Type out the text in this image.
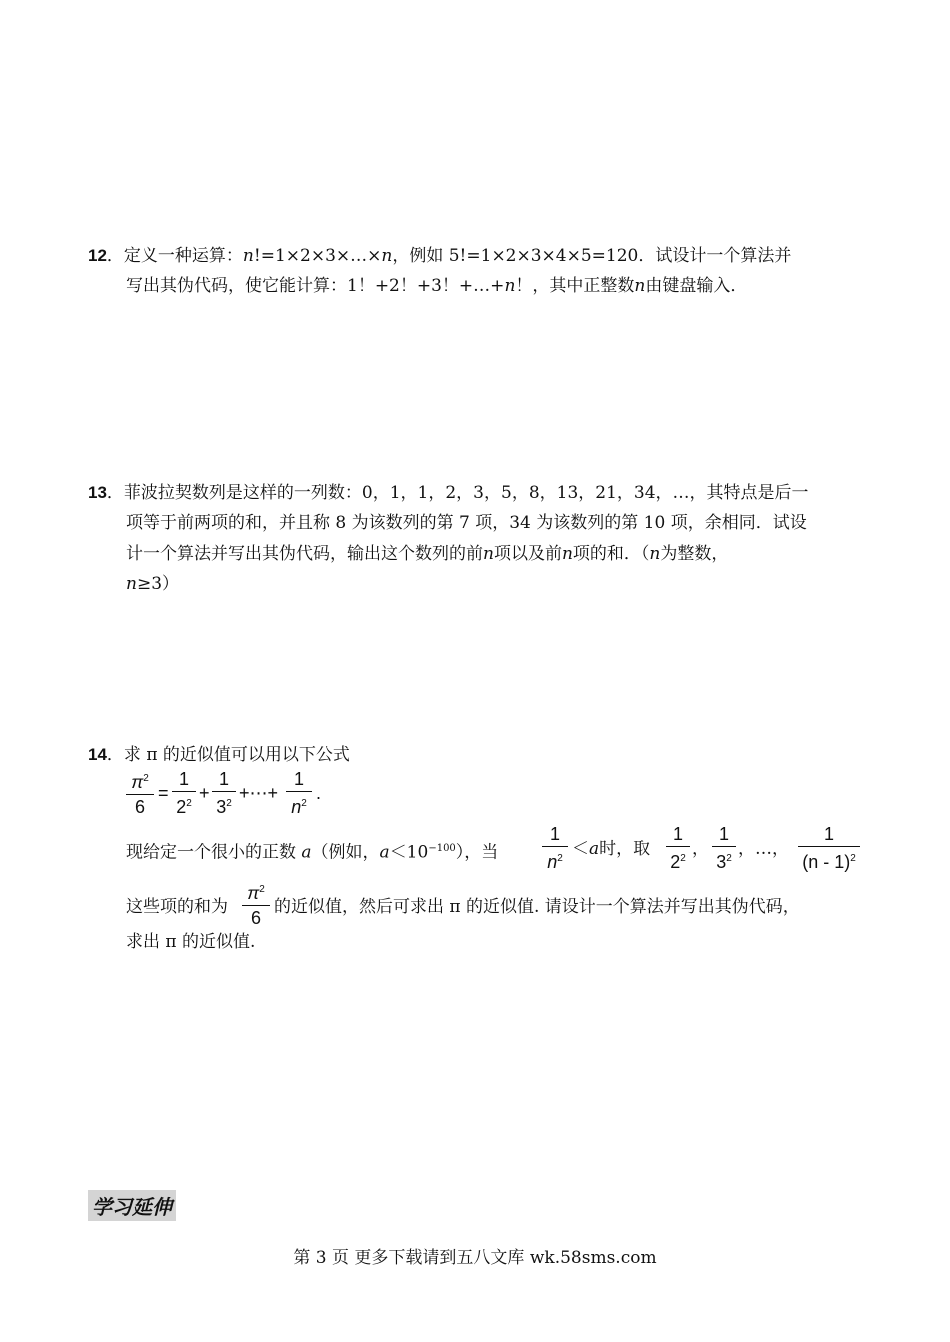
12．定义一种运算：n!=1×2×3×…×n，例如 5!=1×2×3×4×5=120．试设计一个算法并
写出其伪代码，使它能计算：1！+2！+3！+…+n！，其中正整数n由键盘输入．
13．菲波拉契数列是这样的一列数：0，1，1，2，3，5，8，13，21，34，…，其特点是后一
项等于前两项的和，并且称 8 为该数列的第 7 项，34 为该数列的第 10 项，余相同．试设
计一个算法并写出其伪代码，输出这个数列的前n项以及前n项的和．（n为整数，
n≥3）
14．求 π 的近似值可以用以下公式
$\pi^2$
6
=
1
$2^2$
+
1
$3^2$
+⋯+
1
$n^2$
.
现给定一个很小的正数 a（例如，$a<10^{-100}$），当
1
$n^2 <a$时，取
1
$2^2$ ，
1
$3^2$ ，…，
1
(n - 1)$^2$
这些项的和为
$\pi^2$
6
的近似值，然后可求出 π 的近似值. 请设计一个算法并写出其伪代码，
求出 π 的近似值.
学习延伸
第 3 页 更多下载请到五八文库 wk.58sms.com
